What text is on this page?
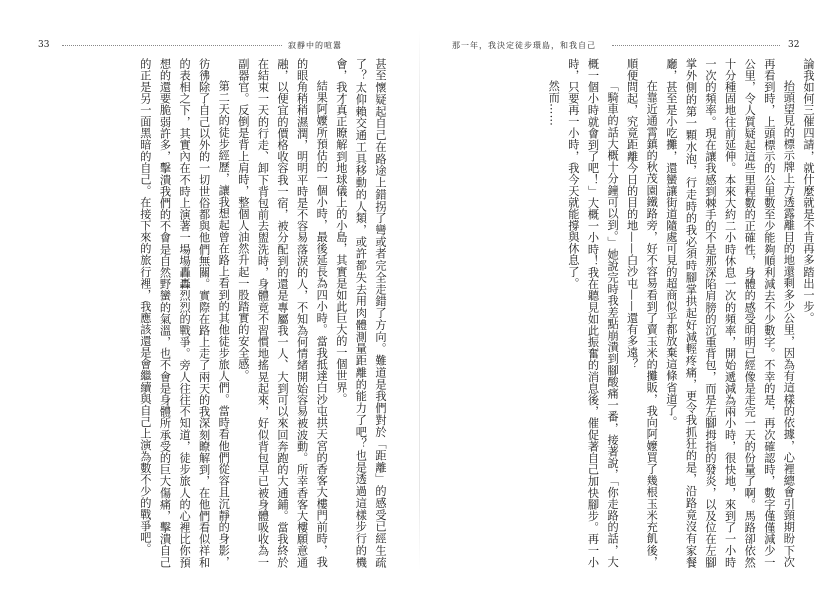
33	寂靜中的喧囂	那一年，我決定徒步環島，和我自己	32

論我如何三催四請，就什麼就是不肯再多踏出一步。

抬頭望見的標示牌上方透露離目的地還剩多少公里，因為有這樣的依據，心裡總會引頸期盼下次再看到時，上頭標示的公里數至少能夠順利減去不少數字。不幸的是，再次確認時，數字僅僅減少一公里，令人質疑起這些里程數的正確性，身體的感受明明已經像是走完一天的份量了啊。馬路卻依然十分種固地往前延伸。本來大約二小時休息一次的頻率，開始遞減為兩小時，很快地，來到了一小時一次的頻率。現在讓我感到棘手的不是那深陷肩膀的沉重背包，而是左腳拇指的發炎，以及位在左腳掌外側的第一顆水泡，行走時的我必須時腳掌拱起好減輕疼痛，更令我抓狂的是，沿路竟沒有家餐廳，甚至是小吃攤，還蠻讓街道隨處可見的超商似乎都放棄這條省道了。

在靠近通霄鎮的秋茂園鐵路旁，好不容易看到了賣玉米的攤販，我向阿嬤買了幾根玉米充飢後，順便問起，究竟距離今日的目的地——白沙屯——還有多遠？

「騎車的話大概十分鐘可以到。」她說完時我差點崩潰到腳酸痛一番，接著說，「你走路的話，大概一個小時就會到了吧！」大概一小時！我在聽見如此振奮的消息後，催促著自己加快腳步。再一小時，只要再一小時，我今天就能撐與休息了。

然而……

甚至懷疑起自己在路途上錯拐了彎或者完全走錯了方向。難道是我們對於「距離」的感受已經生疏了？太仰賴交通工具移動的人類，或許都失去用肉體測量距離的能力了吧？也是透過這樣步行的機會，我才真正瞭解到地球儀上的小島，其實是如此巨大的一個世界。

結果阿嬤所預估的一個小時，最後延長為四小時。當我抵達白沙屯拱天宮的香客大樓門前時，我的眼角稍稍濕潤，明明平時是不容易落淚的人，不知為何情緒開始容易被波動。所幸香客大樓願意通融，以便宜的價格收容我一宿，被分配到的還是專屬我一人、大到可以來回奔跑的大通鋪。當我終於在結束一天的行走、卸下背包前去盥洗時，身體竟不習慣地搖晃起來，好似背包早已被身體吸收為一副器官。反倒是背上肩時，整個人油然升起一股踏實的安全感。

第二天的徒步經歷，讓我想起曾在路上看到的其他徒步旅人們。當時看他們從容且沉靜的身影，彷彿除了自己以外的一切世俗都與他們無關。實際在路上走了兩天的我深刻瞭解到，在他們看似祥和的表相之下，其實內在不時上演著一場場轟轟烈烈的戰爭。旁人往往不知道，徒步旅人的心裡比你預想的還要脆弱許多，擊潰我們的不會是自然野蠻的氣溫，也不會是身體所承受的巨大傷痛，擊潰自己的正是另一面黑暗的自己。在接下來的旅行裡，我應該還是會繼續與自己上演為數不少的戰爭吧。
